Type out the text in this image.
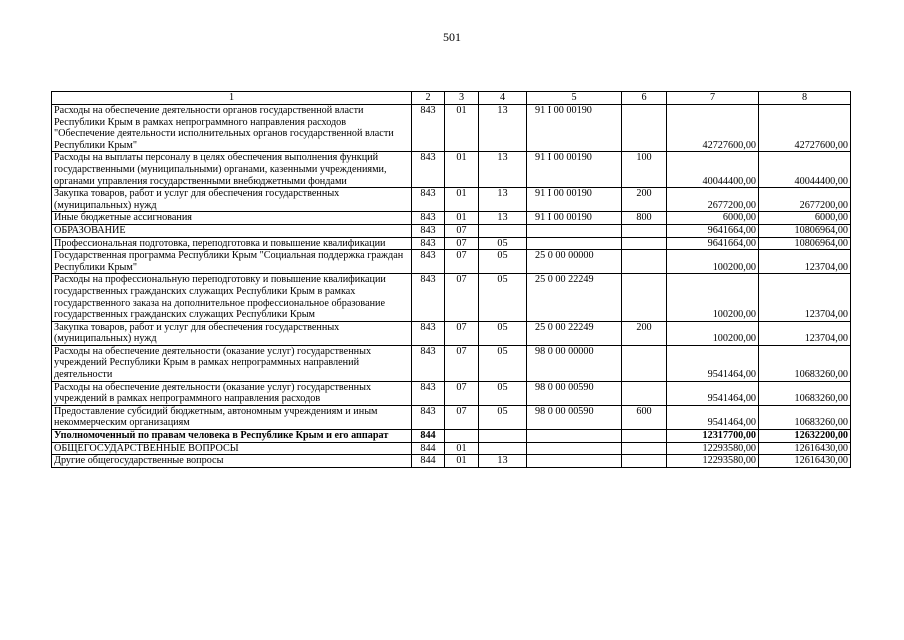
501
1	2	3	4	5	6	7	8
Расходы на обеспечение деятельности органов государственной власти Республики Крым в рамках непрограммного направления расходов "Обеспечение деятельности исполнительных органов государственной власти Республики Крым"	843	01	13	91 I 00 00190		42727600,00	42727600,00
Расходы на выплаты персоналу в целях обеспечения выполнения функций государственными (муниципальными) органами, казенными учреждениями, органами управления государственными внебюджетными фондами	843	01	13	91 I 00 00190	100	40044400,00	40044400,00
Закупка товаров, работ и услуг для обеспечения государственных (муниципальных) нужд	843	01	13	91 I 00 00190	200	2677200,00	2677200,00
Иные бюджетные ассигнования	843	01	13	91 I 00 00190	800	6000,00	6000,00
ОБРАЗОВАНИЕ	843	07				9641664,00	10806964,00
Профессиональная подготовка, переподготовка и повышение квалификации	843	07	05			9641664,00	10806964,00
Государственная программа Республики Крым "Социальная поддержка граждан Республики Крым"	843	07	05	25 0 00 00000		100200,00	123704,00
Расходы на профессиональную переподготовку и повышение квалификации государственных гражданских служащих Республики Крым в рамках государственного заказа на дополнительное профессиональное образование государственных гражданских служащих Республики Крым	843	07	05	25 0 00 22249		100200,00	123704,00
Закупка товаров, работ и услуг для обеспечения государственных (муниципальных) нужд	843	07	05	25 0 00 22249	200	100200,00	123704,00
Расходы на обеспечение деятельности (оказание услуг) государственных учреждений Республики Крым в рамках непрограммных направлений деятельности	843	07	05	98 0 00 00000		9541464,00	10683260,00
Расходы на обеспечение деятельности (оказание услуг) государственных учреждений в рамках непрограммного направления расходов	843	07	05	98 0 00 00590		9541464,00	10683260,00
Предоставление субсидий бюджетным, автономным учреждениям и иным некоммерческим организациям	843	07	05	98 0 00 00590	600	9541464,00	10683260,00
Уполномоченный по правам человека в Республике Крым и его аппарат	844					12317700,00	12632200,00
ОБЩЕГОСУДАРСТВЕННЫЕ ВОПРОСЫ	844	01				12293580,00	12616430,00
Другие общегосударственные вопросы	844	01	13			12293580,00	12616430,00
